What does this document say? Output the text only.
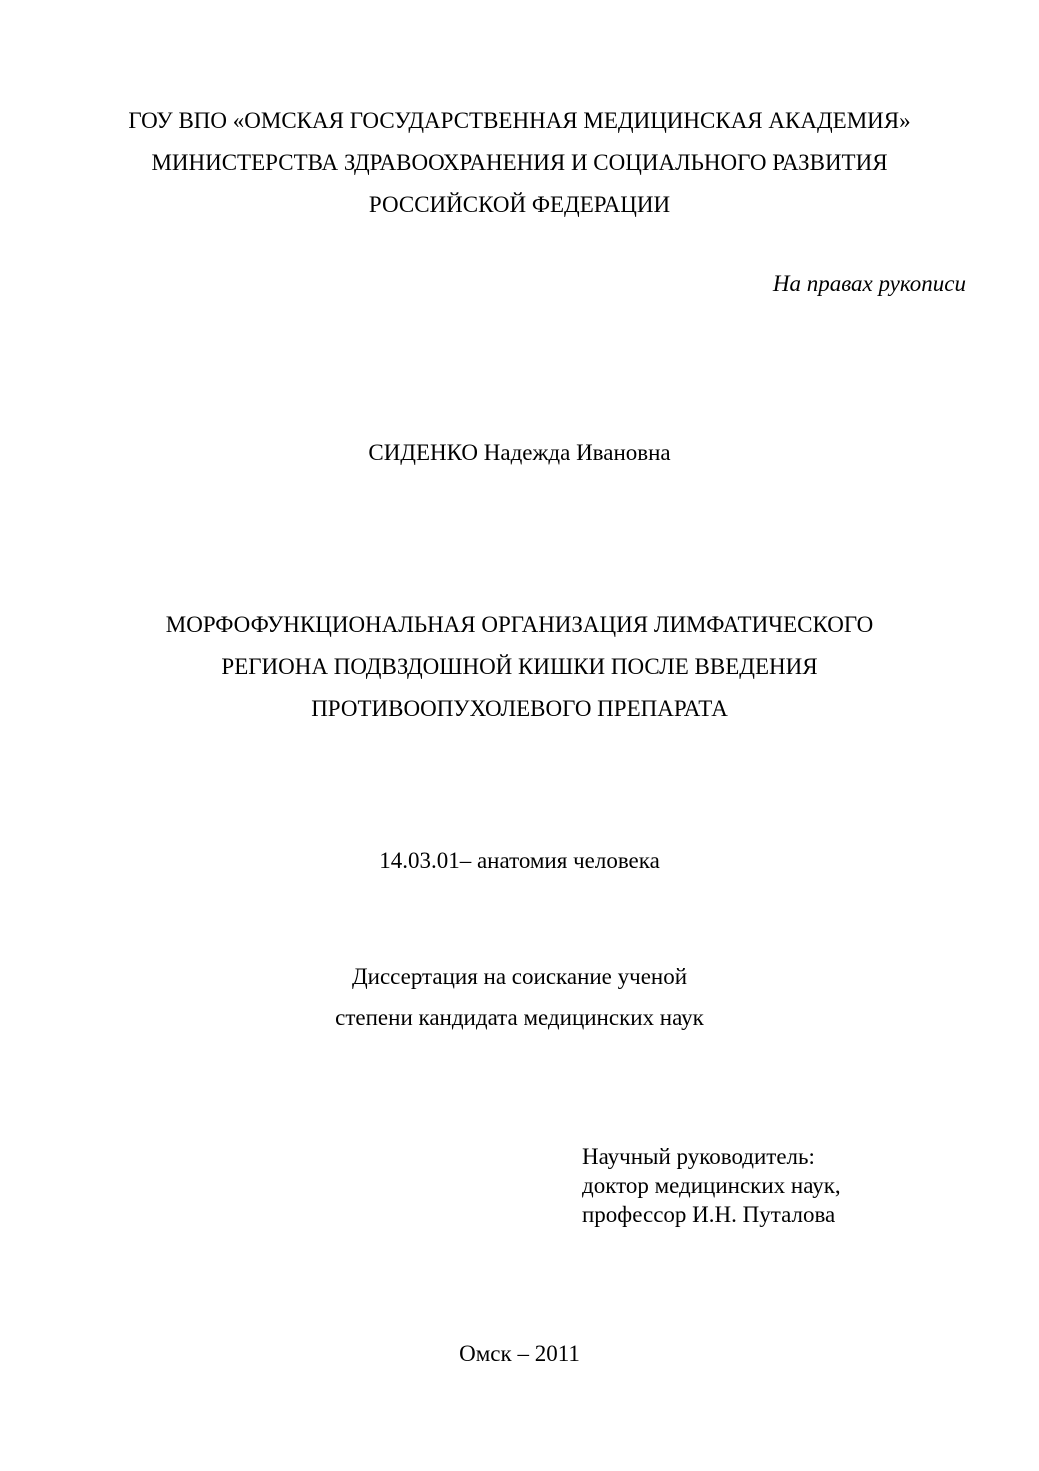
ГОУ ВПО «ОМСКАЯ ГОСУДАРСТВЕННАЯ МЕДИЦИНСКАЯ АКАДЕМИЯ»
МИНИСТЕРСТВА ЗДРАВООХРАНЕНИЯ И СОЦИАЛЬНОГО РАЗВИТИЯ
РОССИЙСКОЙ ФЕДЕРАЦИИ
На правах рукописи
СИДЕНКО Надежда Ивановна
МОРФОФУНКЦИОНАЛЬНАЯ ОРГАНИЗАЦИЯ ЛИМФАТИЧЕСКОГО
РЕГИОНА ПОДВЗДОШНОЙ КИШКИ ПОСЛЕ ВВЕДЕНИЯ
ПРОТИВООПУХОЛЕВОГО ПРЕПАРАТА
14.03.01– анатомия человека
Диссертация на соискание ученой
степени кандидата медицинских наук
Научный руководитель:
доктор медицинских наук,
профессор И.Н. Путалова
Омск – 2011
